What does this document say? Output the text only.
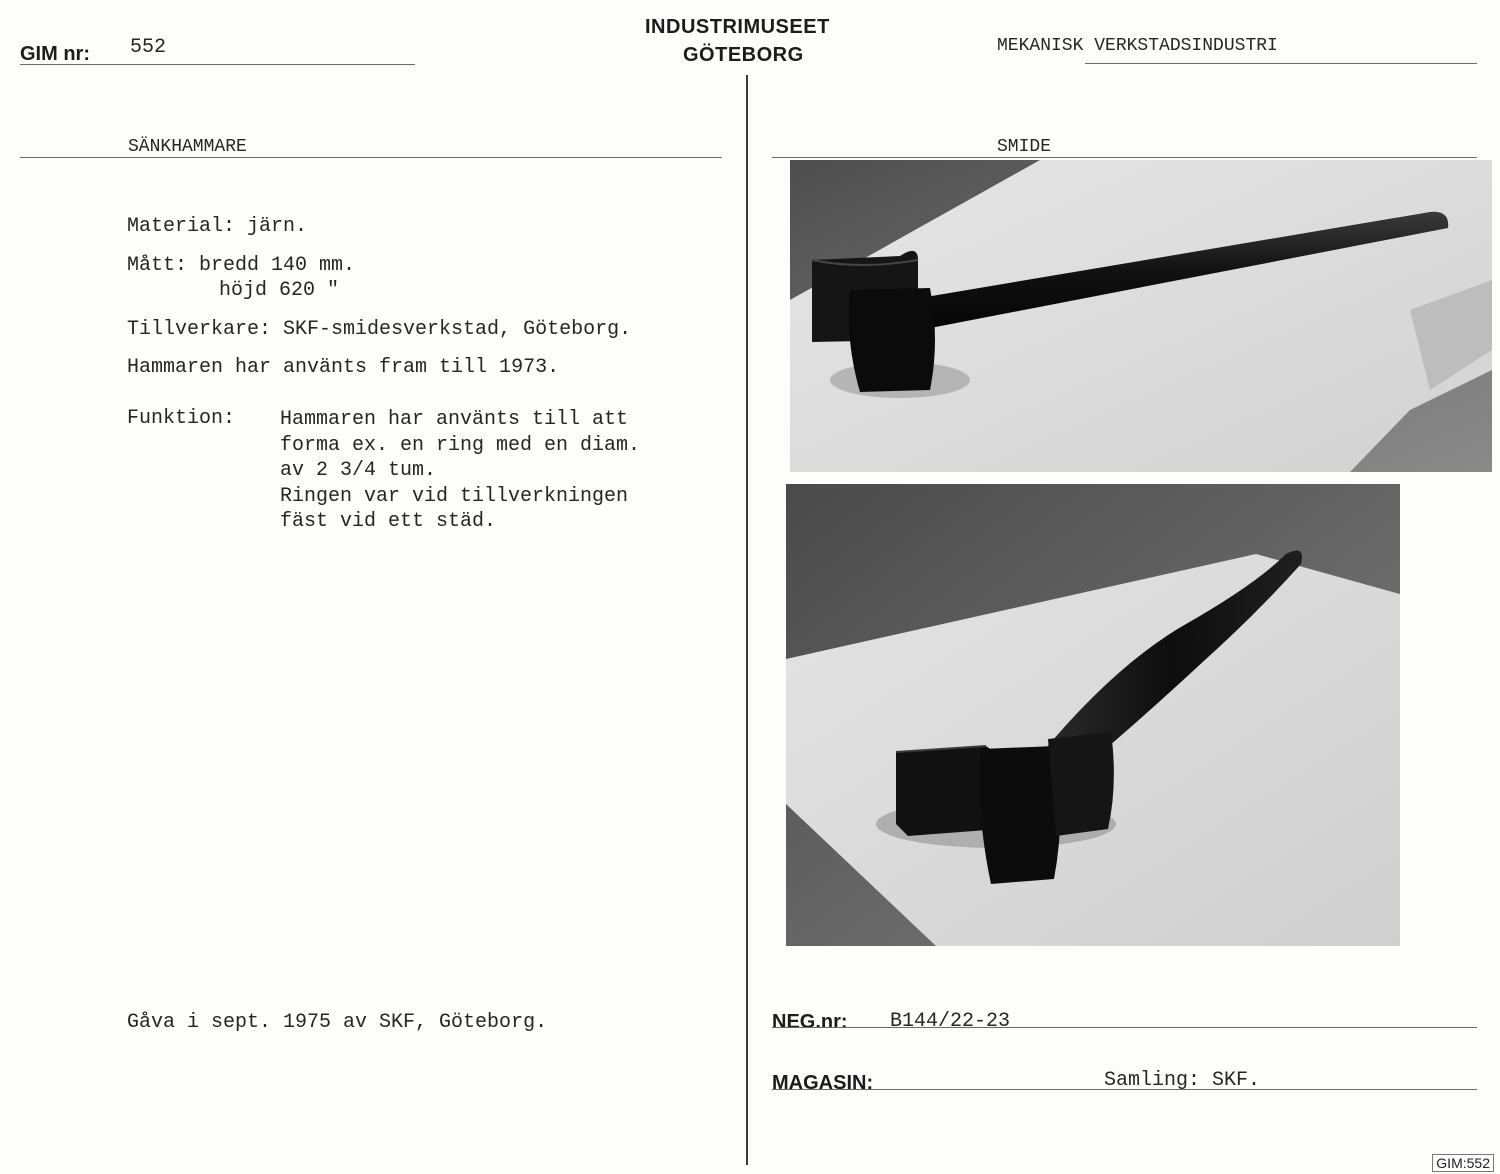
GIM nr: 552
INDUSTRIMUSEET
GÖTEBORG	MEKANISK VERKSTADSINDUSTRI
SÄNKHAMMARE	SMIDE
Material: järn.
Mått: bredd 140 mm.
höjd 620 "
Tillverkare: SKF-smidesverkstad, Göteborg.
Hammaren har använts fram till 1973.
Funktion: Hammaren har använts till att
forma ex. en ring med en diam.
av 2 3/4 tum.
Ringen var vid tillverkningen
fäst vid ett städ.
Gåva i sept. 1975 av SKF, Göteborg.	NEG.nr: B144/22-23
MAGASIN:	Samling: SKF.
GIM:552
